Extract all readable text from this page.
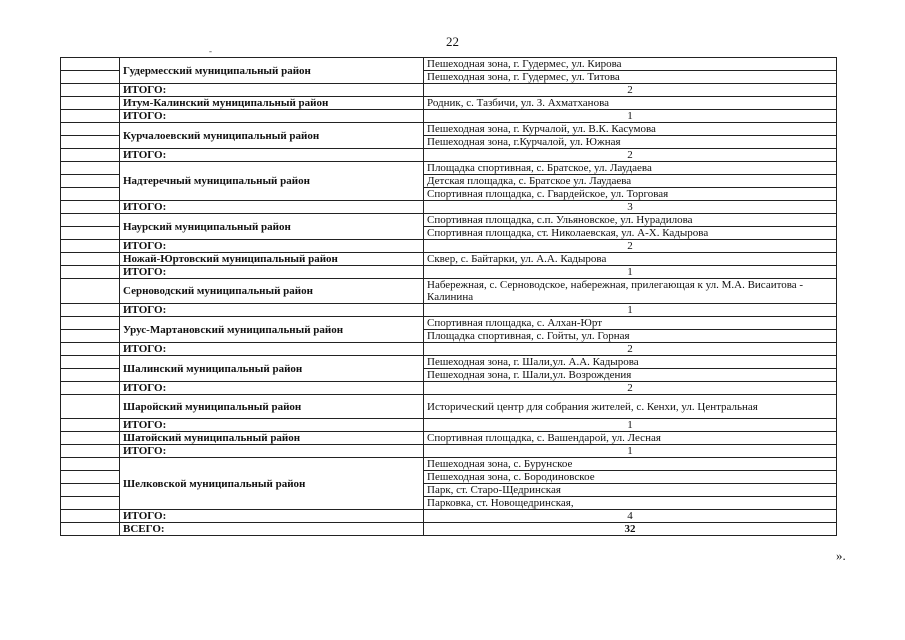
22
-
	Гудермесский муниципальный район	Пешеходная зона, г. Гудермес, ул. Кирова
		Пешеходная зона, г. Гудермес, ул. Титова
	ИТОГО:	2
	Итум-Калинский муниципальный район	Родник, с. Тазбичи, ул. З. Ахматханова
	ИТОГО:	1
	Курчалоевский муниципальный район	Пешеходная зона, г. Курчалой, ул. В.К. Касумова
		Пешеходная зона, г.Курчалой, ул. Южная
	ИТОГО:	2
	Надтеречный муниципальный район	Площадка спортивная, с. Братское, ул. Лаудаева
		Детская площадка, с. Братское ул. Лаудаева
		Спортивная площадка, с. Гвардейское, ул. Торговая
	ИТОГО:	3
	Наурский муниципальный район	Спортивная площадка, с.п. Ульяновское, ул. Нурадилова
		Спортивная площадка, ст. Николаевская, ул. А-Х. Кадырова
	ИТОГО:	2
	Ножай-Юртовский муниципальный район	Сквер, с. Байтарки, ул. А.А. Кадырова
	ИТОГО:	1
	Серноводский муниципальный район	Набережная, с. Серноводское, набережная, прилегающая к ул. М.А. Висаитова - Калинина
	ИТОГО:	1
	Урус-Мартановский муниципальный район	Спортивная площадка, с. Алхан-Юрт
		Площадка спортивная, с. Гойты, ул. Горная
	ИТОГО:	2
	Шалинский муниципальный район	Пешеходная зона, г. Шали,ул. А.А. Кадырова
		Пешеходная зона, г. Шали,ул. Возрождения
	ИТОГО:	2
	Шаройский муниципальный район	Исторический центр для собрания жителей, с. Кенхи, ул. Центральная
	ИТОГО:	1
	Шатойский муниципальный район	Спортивная площадка, с. Вашендарой, ул. Лесная
	ИТОГО:	1
	Шелковской муниципальный район	Пешеходная зона, с. Бурунское
		Пешеходная зона, с. Бородиновское
		Парк, ст. Старо-Щедринская
		Парковка, ст. Новощедринская,
	ИТОГО:	4
	ВСЕГО:	32
».
